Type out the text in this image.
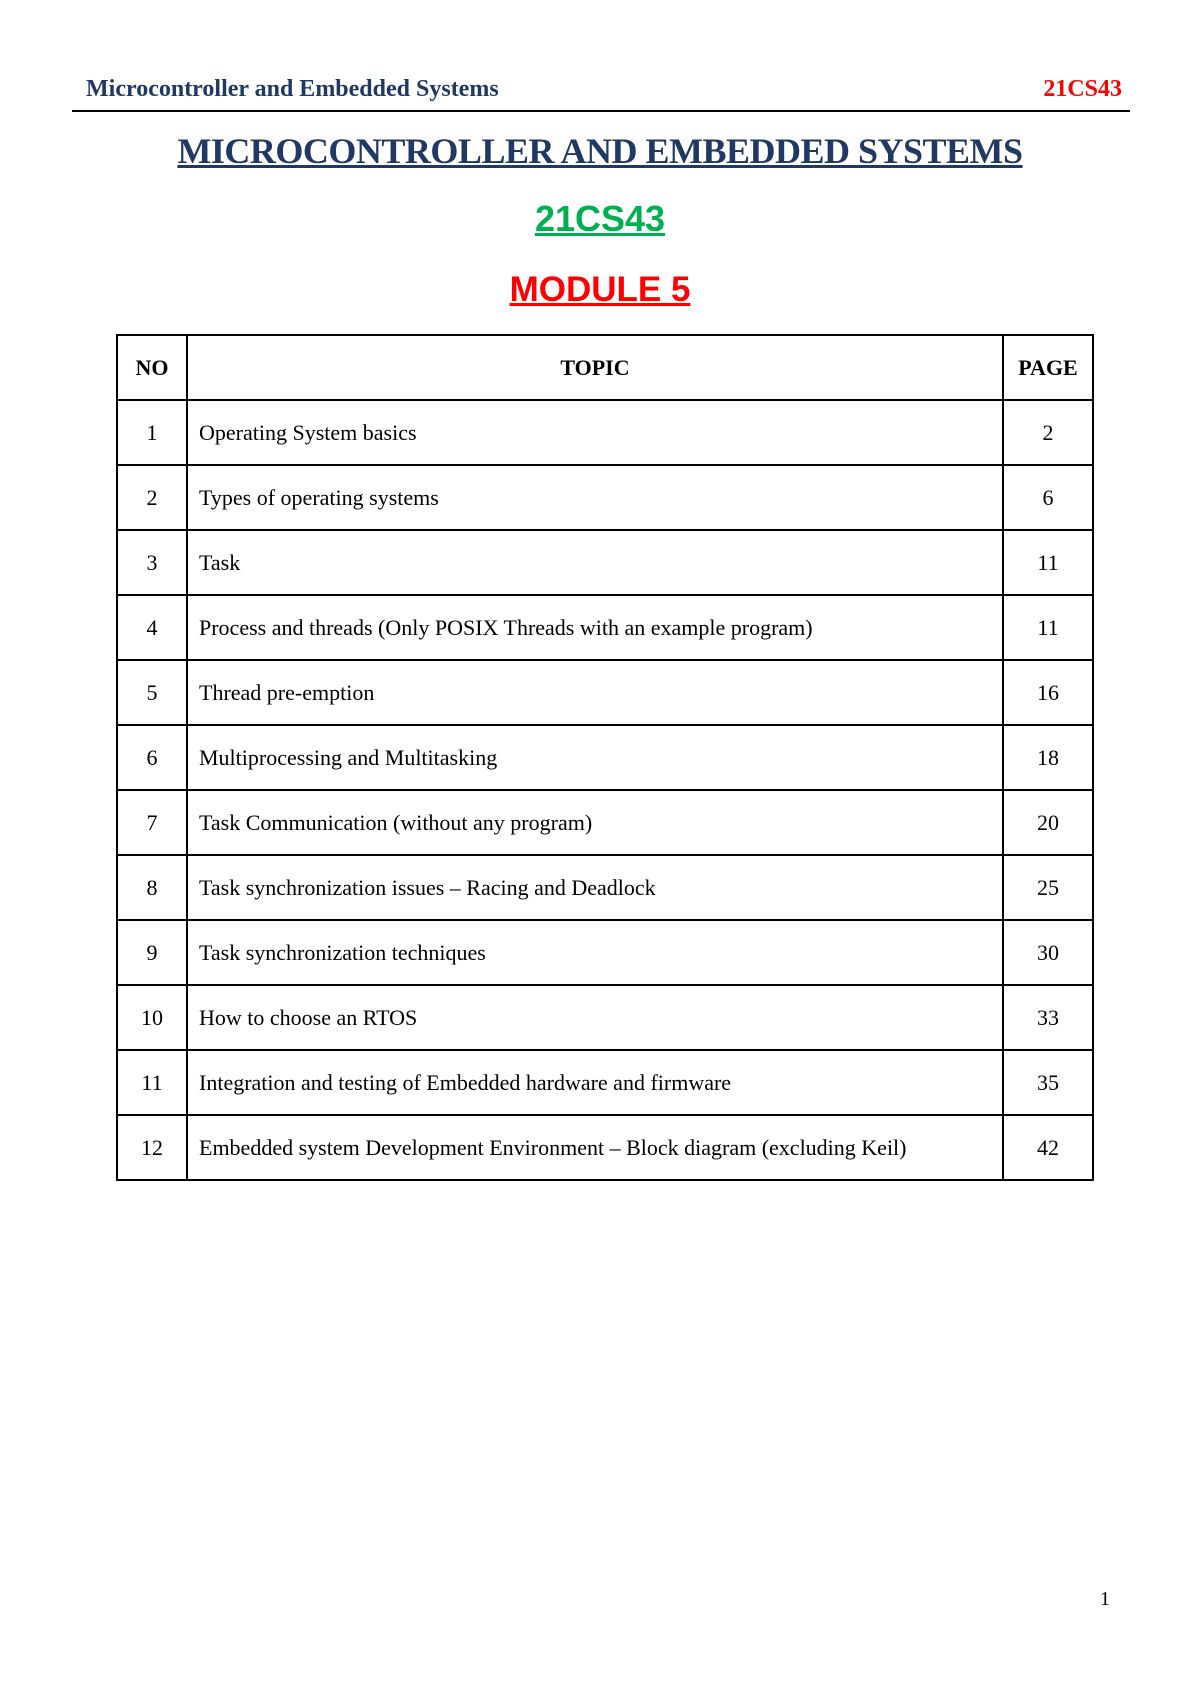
Microcontroller and Embedded Systems	21CS43
MICROCONTROLLER AND EMBEDDED SYSTEMS
21CS43
MODULE 5
NO	TOPIC	PAGE
1	Operating System basics	2
2	Types of operating systems	6
3	Task	11
4	Process and threads (Only POSIX Threads with an example program)	11
5	Thread pre-emption	16
6	Multiprocessing and Multitasking	18
7	Task Communication (without any program)	20
8	Task synchronization issues – Racing and Deadlock	25
9	Task synchronization techniques	30
10	How to choose an RTOS	33
11	Integration and testing of Embedded hardware and firmware	35
12	Embedded system Development Environment – Block diagram (excluding Keil)	42
1
